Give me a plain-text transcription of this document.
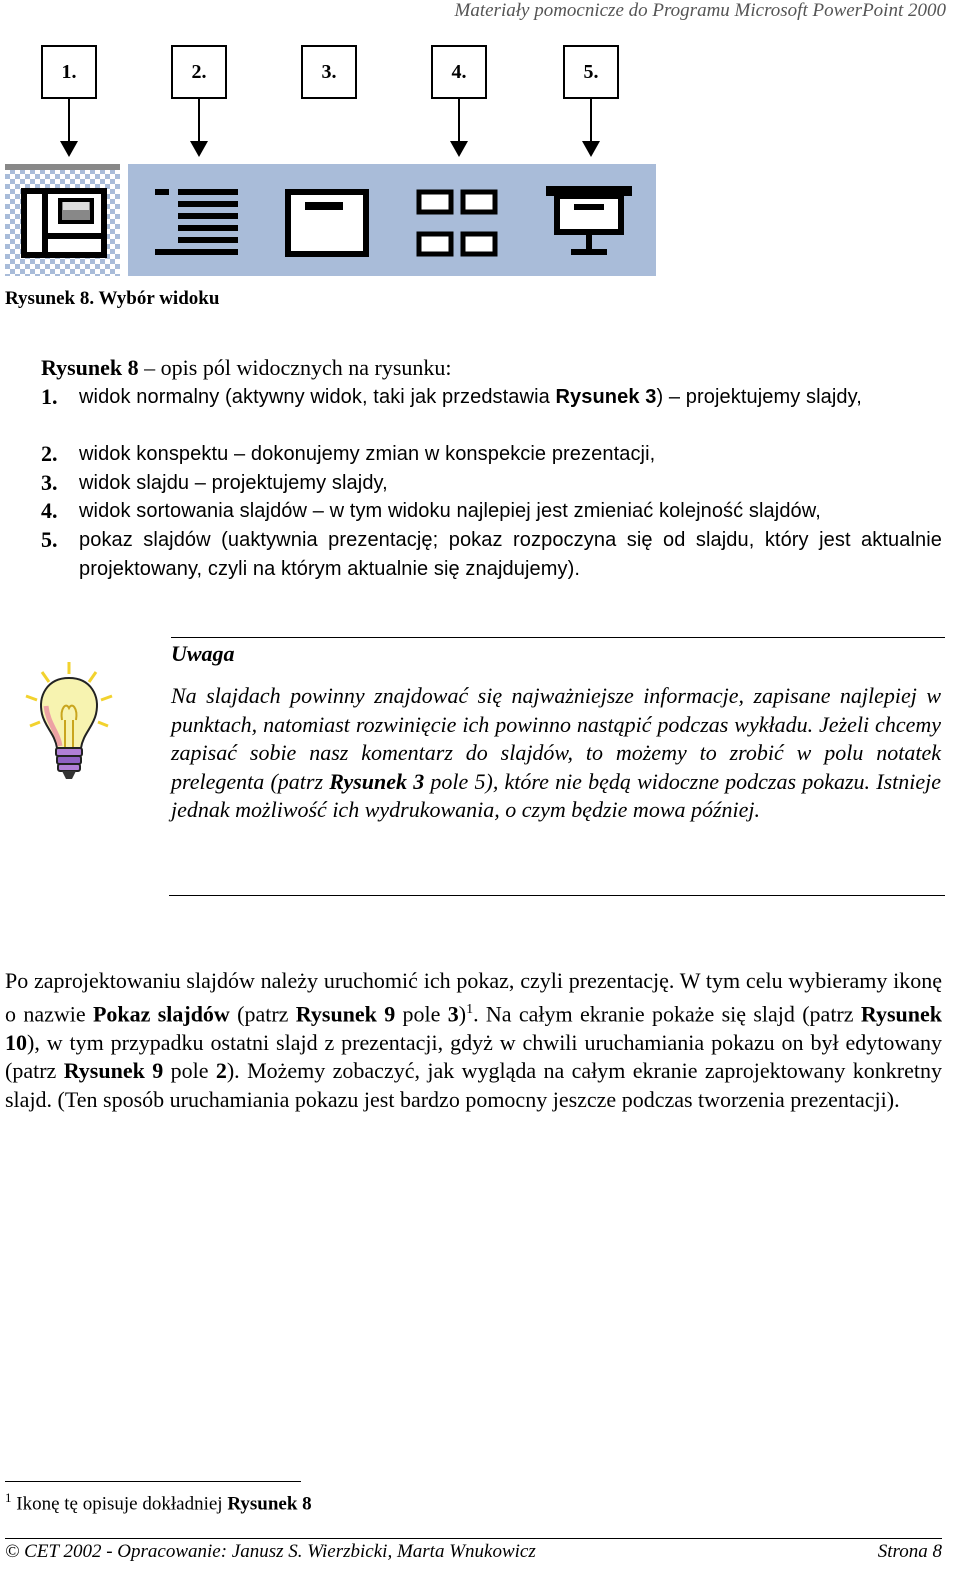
Materiały pomocnicze do Programu Microsoft PowerPoint 2000
1.	2.	3.	4.	5.
Rysunek 8. Wybór widoku
Rysunek 8 – opis pól widocznych na rysunku:
1. widok normalny (aktywny widok, taki jak przedstawia Rysunek 3) – projektujemy slajdy,
2. widok konspektu – dokonujemy zmian w konspekcie prezentacji,
3. widok slajdu – projektujemy slajdy,
4. widok sortowania slajdów – w tym widoku najlepiej jest zmieniać kolejność slajdów,
5. pokaz slajdów (uaktywnia prezentację; pokaz rozpoczyna się od slajdu, który jest aktualnie projektowany, czyli na którym aktualnie się znajdujemy).
Uwaga
Na slajdach powinny znajdować się najważniejsze informacje, zapisane najlepiej w punktach, natomiast rozwinięcie ich powinno nastąpić podczas wykładu. Jeżeli chcemy zapisać sobie nasz komentarz do slajdów, to możemy to zrobić w polu notatek prelegenta (patrz Rysunek 3 pole 5), które nie będą widoczne podczas pokazu. Istnieje jednak możliwość ich wydrukowania, o czym będzie mowa później.
Po zaprojektowaniu slajdów należy uruchomić ich pokaz, czyli prezentację. W tym celu wybieramy ikonę o nazwie Pokaz slajdów (patrz Rysunek 9 pole 3)$^1$. Na całym ekranie pokaże się slajd (patrz Rysunek 10), w tym przypadku ostatni slajd z prezentacji, gdyż w chwili uruchamiania pokazu on był edytowany (patrz Rysunek 9 pole 2). Możemy zobaczyć, jak wygląda na całym ekranie zaprojektowany konkretny slajd. (Ten sposób uruchamiania pokazu jest bardzo pomocny jeszcze podczas tworzenia prezentacji).
$^1$ Ikonę tę opisuje dokładniej Rysunek 8
© CET 2002 - Opracowanie: Janusz S. Wierzbicki, Marta Wnukowicz	Strona 8
